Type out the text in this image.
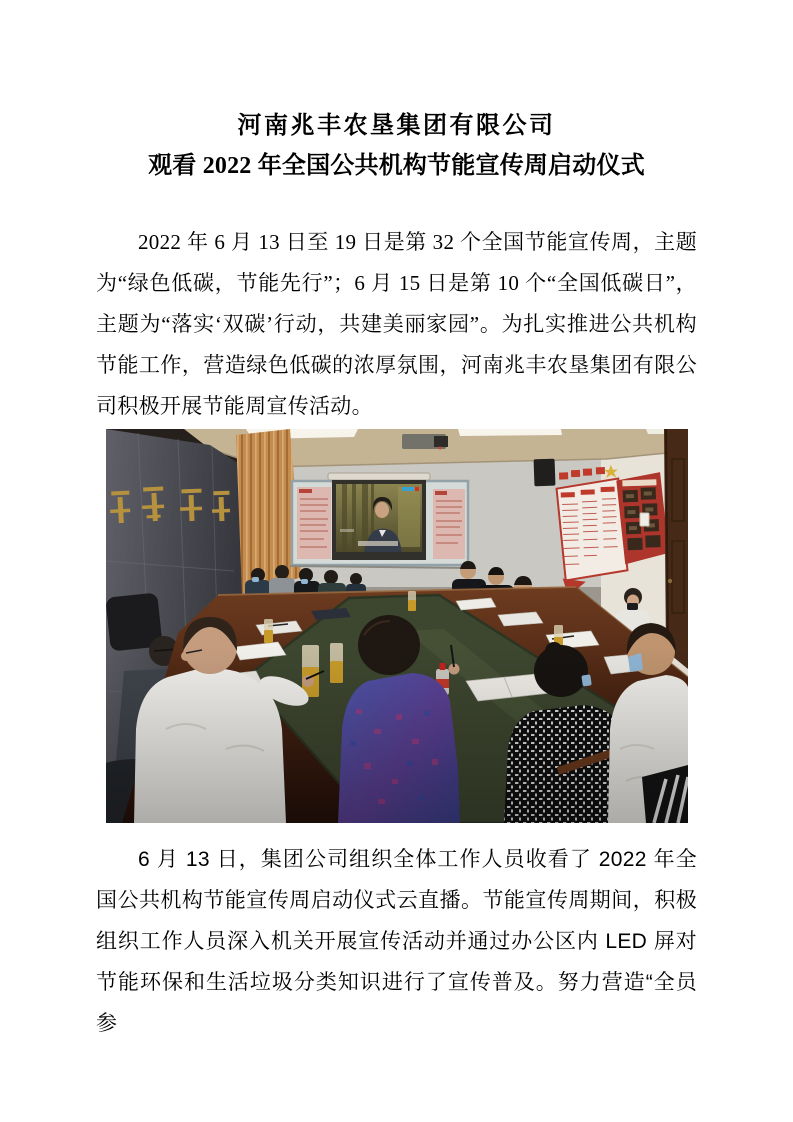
河南兆丰农垦集团有限公司
观看 2022 年全国公共机构节能宣传周启动仪式

2022 年 6 月 13 日至 19 日是第 32 个全国节能宣传周，主题为“绿色低碳，节能先行”；6 月 15 日是第 10 个“全国低碳日”，主题为“落实‘双碳’行动，共建美丽家园”。为扎实推进公共机构节能工作，营造绿色低碳的浓厚氛围，河南兆丰农垦集团有限公司积极开展节能周宣传活动。

6 月 13 日，集团公司组织全体工作人员收看了 2022 年全国公共机构节能宣传周启动仪式云直播。节能宣传周期间，积极组织工作人员深入机关开展宣传活动并通过办公区内 LED 屏对节能环保和生活垃圾分类知识进行了宣传普及。努力营造“全员参
